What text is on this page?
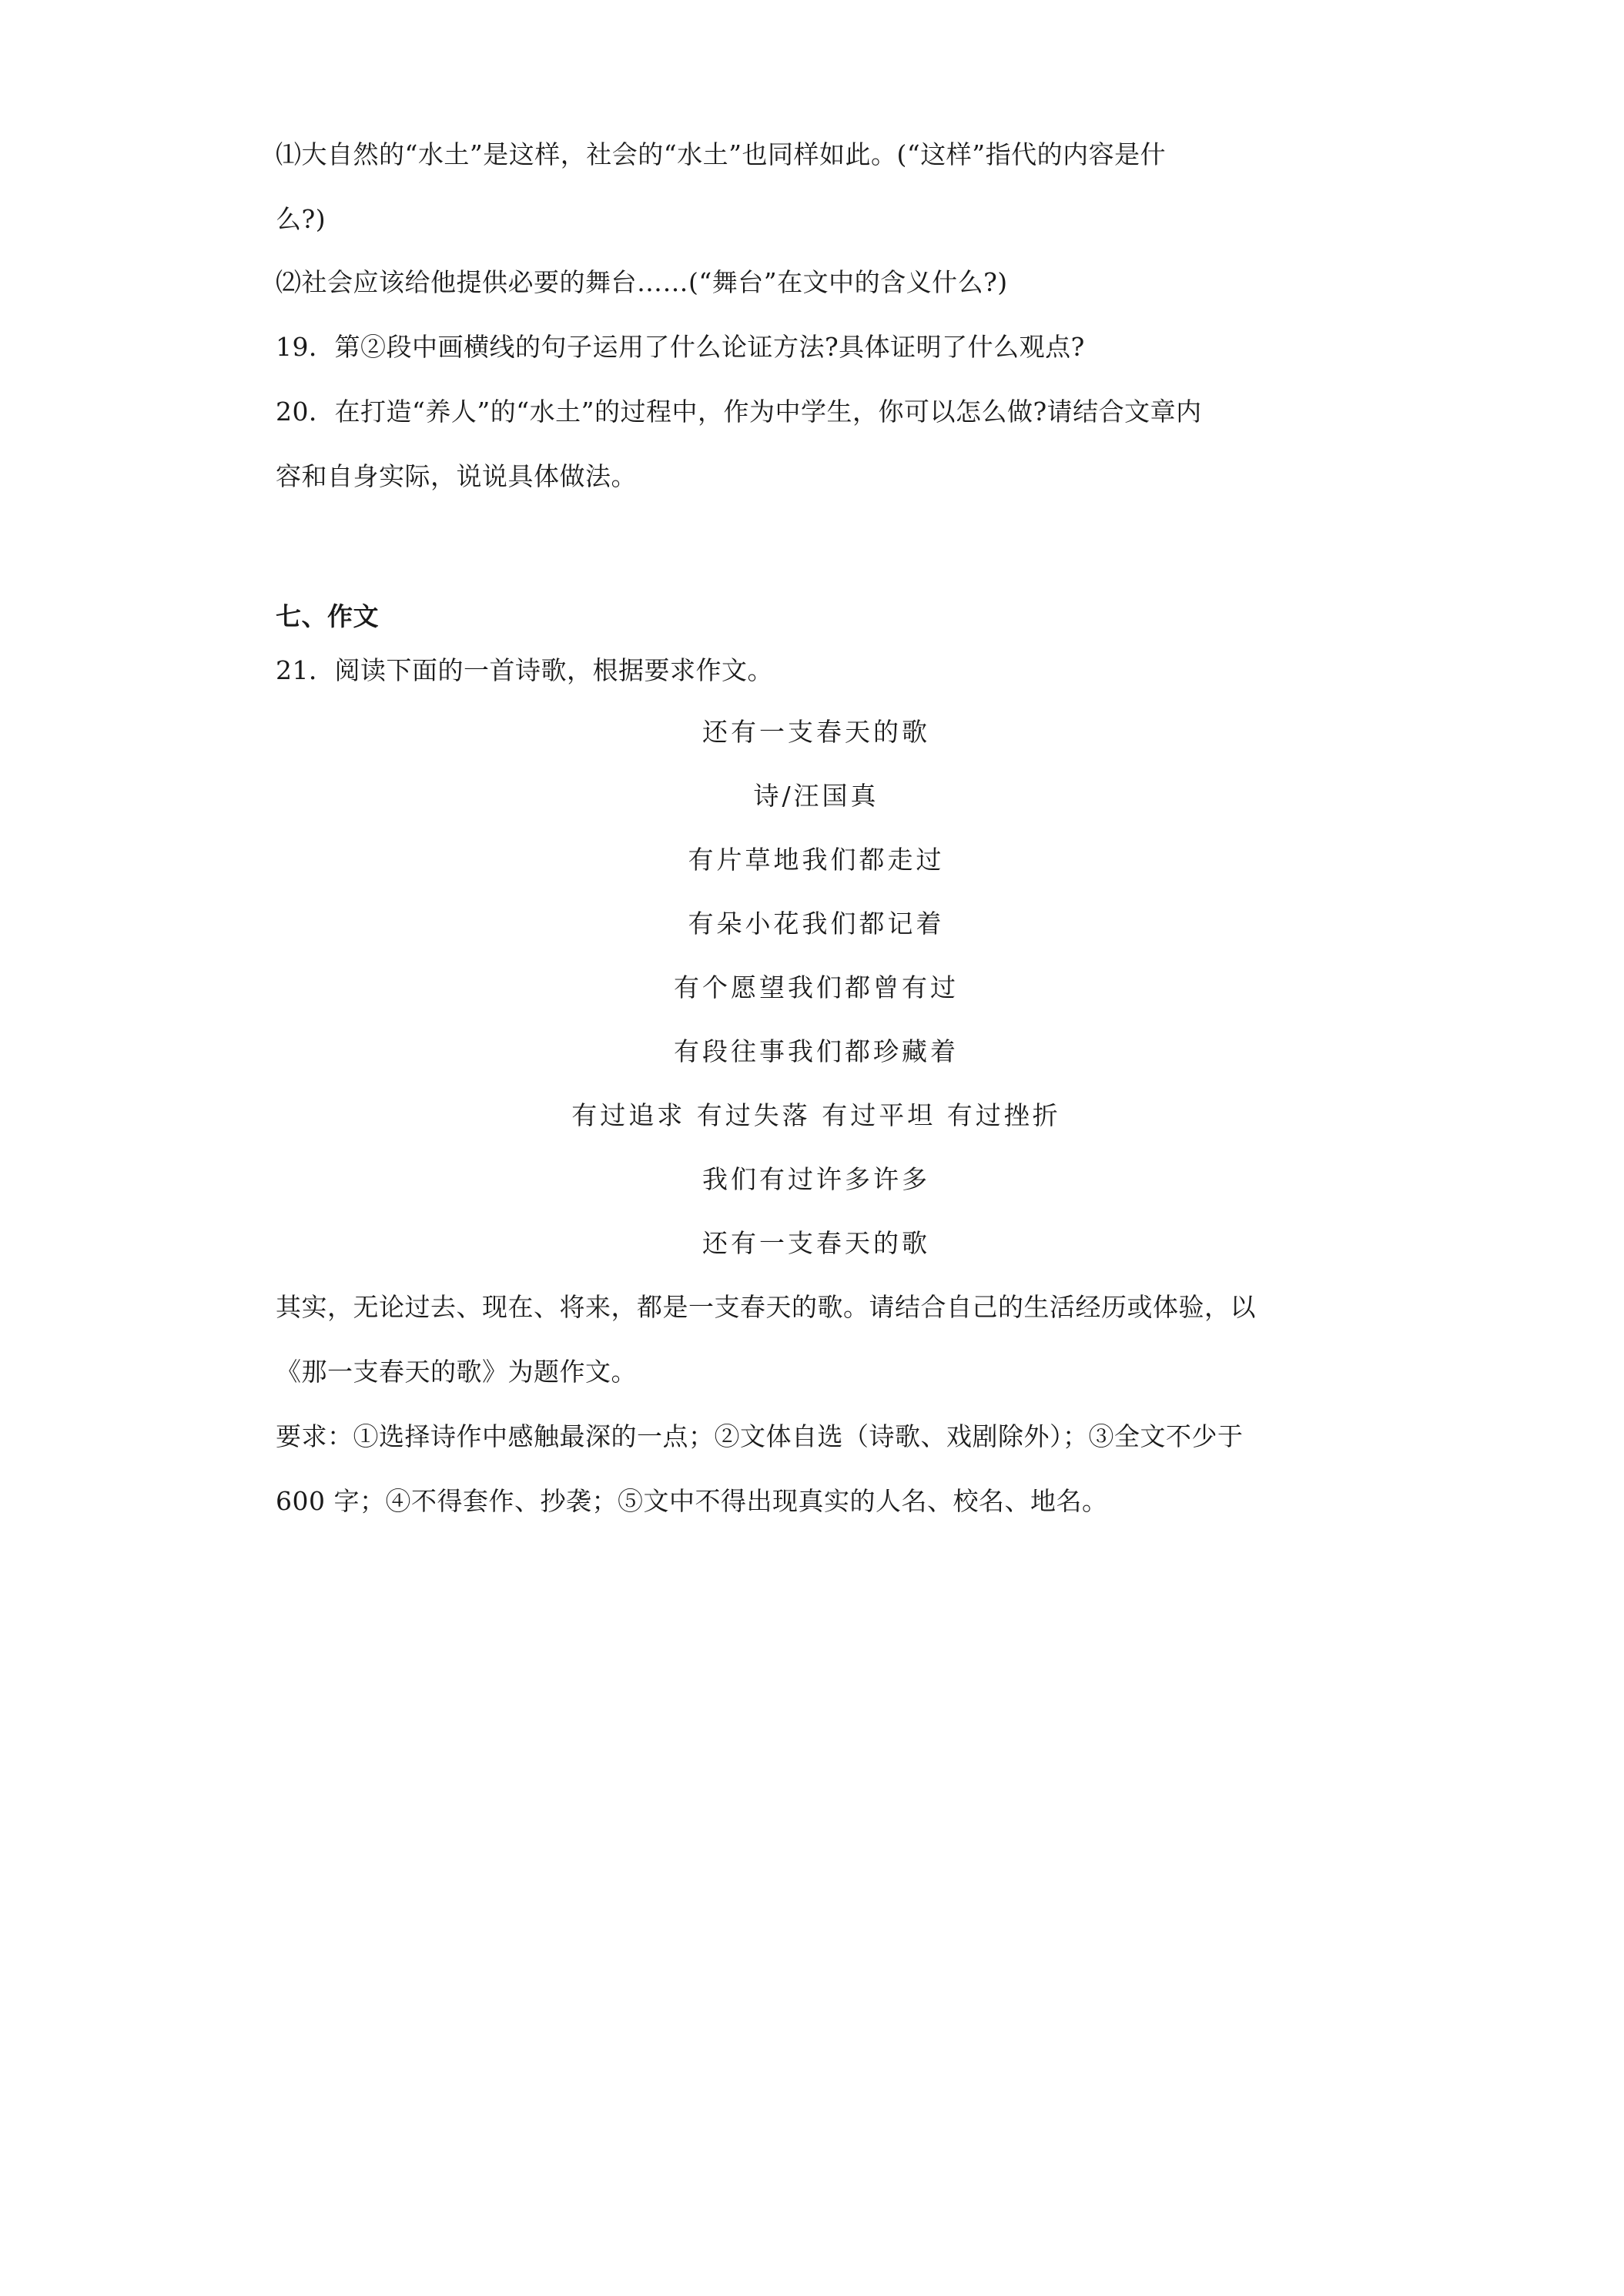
⑴大自然的“水土”是这样，社会的“水土”也同样如此。(“这样”指代的内容是什
么?)
⑵社会应该给他提供必要的舞台……(“舞台”在文中的含义什么?)
19．第②段中画横线的句子运用了什么论证方法?具体证明了什么观点?
20．在打造“养人”的“水土”的过程中，作为中学生，你可以怎么做?请结合文章内
容和自身实际，说说具体做法。
七、作文
21．阅读下面的一首诗歌，根据要求作文。
还有一支春天的歌
诗/汪国真
有片草地我们都走过
有朵小花我们都记着
有个愿望我们都曾有过
有段往事我们都珍藏着
有过追求 有过失落 有过平坦 有过挫折
我们有过许多许多
还有一支春天的歌
其实，无论过去、现在、将来，都是一支春天的歌。请结合自己的生活经历或体验，以
《那一支春天的歌》为题作文。
要求：①选择诗作中感触最深的一点；②文体自选（诗歌、戏剧除外）；③全文不少于
600 字；④不得套作、抄袭；⑤文中不得出现真实的人名、校名、地名。
